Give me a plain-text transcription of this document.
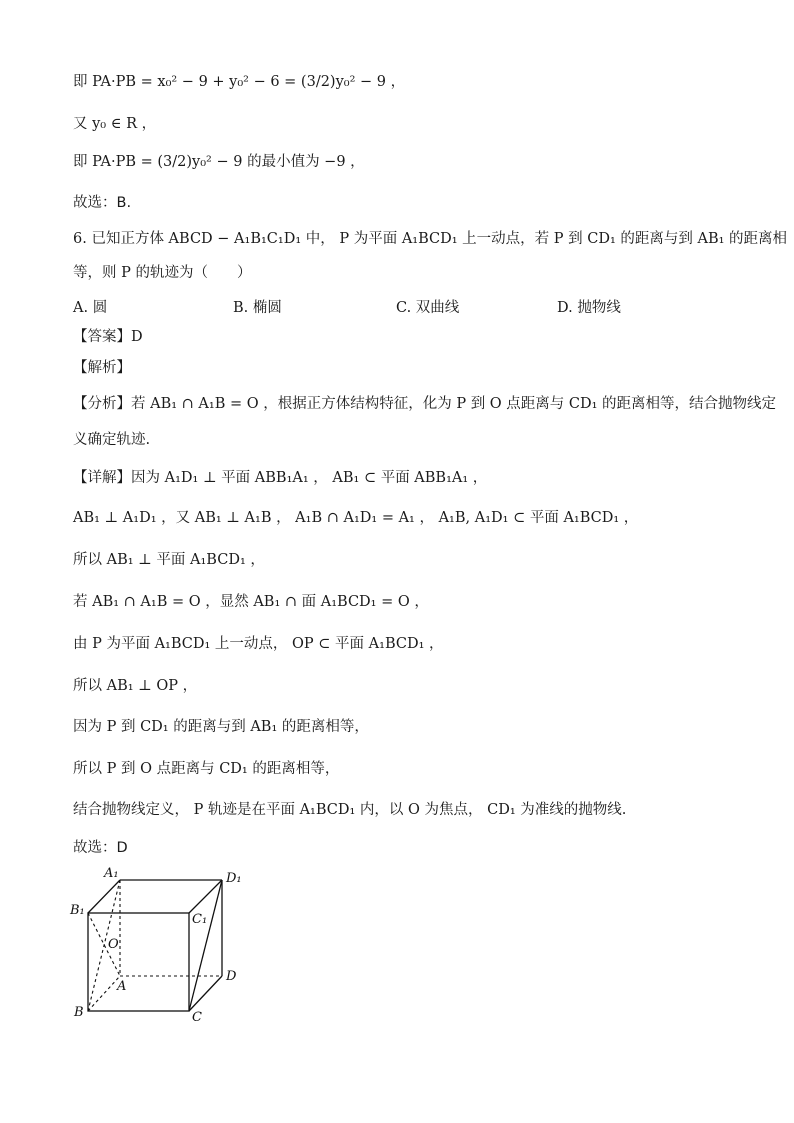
即 PA·PB = x₀² − 9 + y₀² − 6 = (3/2)y₀² − 9 ，
又 y₀ ∈ R ，
即 PA·PB = (3/2)y₀² − 9 的最小值为 −9 ，
故选：B.
6. 已知正方体 ABCD − A₁B₁C₁D₁ 中， P 为平面 A₁BCD₁ 上一动点，若 P 到 CD₁ 的距离与到 AB₁ 的距离相
等，则 P 的轨迹为（　　）
A. 圆	B. 椭圆	C. 双曲线	D. 抛物线
【答案】D
【解析】
【分析】若 AB₁ ∩ A₁B = O ，根据正方体结构特征，化为 P 到 O 点距离与 CD₁ 的距离相等，结合抛物线定
义确定轨迹.
【详解】因为 A₁D₁ ⊥ 平面 ABB₁A₁ ， AB₁ ⊂ 平面 ABB₁A₁ ，
AB₁ ⊥ A₁D₁ ，又 AB₁ ⊥ A₁B ， A₁B ∩ A₁D₁ = A₁ ， A₁B, A₁D₁ ⊂ 平面 A₁BCD₁ ，
所以 AB₁ ⊥ 平面 A₁BCD₁ ，
若 AB₁ ∩ A₁B = O ，显然 AB₁ ∩ 面 A₁BCD₁ = O ，
由 P 为平面 A₁BCD₁ 上一动点， OP ⊂ 平面 A₁BCD₁ ，
所以 AB₁ ⊥ OP ，
因为 P 到 CD₁ 的距离与到 AB₁ 的距离相等，
所以 P 到 O 点距离与 CD₁ 的距离相等，
结合抛物线定义， P 轨迹是在平面 A₁BCD₁ 内，以 O 为焦点， CD₁ 为准线的抛物线.
故选：D
A₁	D₁
B₁
C₁
O
A
D
B	C
